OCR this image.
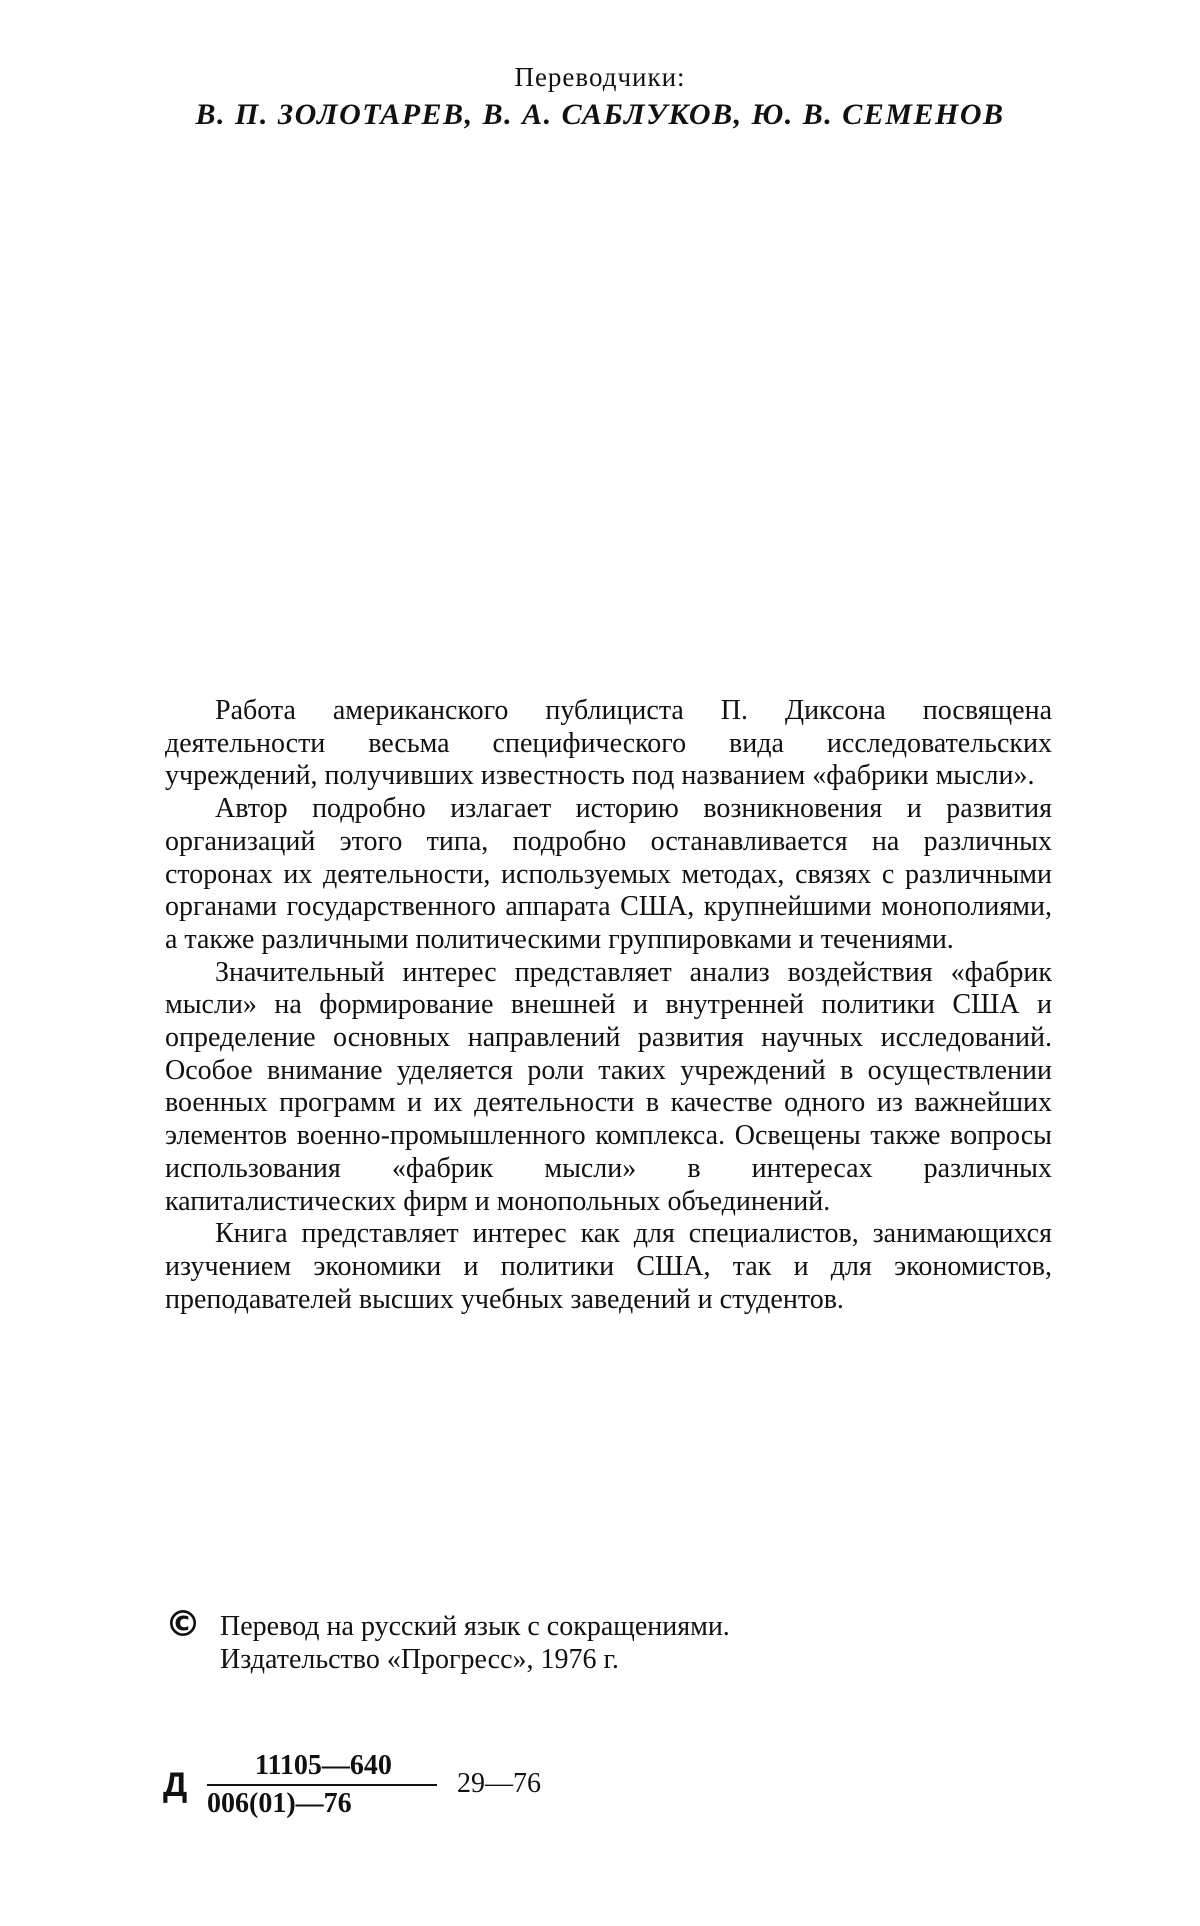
Переводчики:
В. П. ЗОЛОТАРЕВ, В. А. САБЛУКОВ, Ю. В. СЕМЕНОВ

Работа американского публициста П. Диксона посвящена деятельности весьма специфического вида исследовательских учреждений, получивших известность под названием «фабрики мысли».

Автор подробно излагает историю возникновения и развития организаций этого типа, подробно останавливается на различных сторонах их деятельности, используемых методах, связях с различными органами государственного аппарата США, крупнейшими монополиями, а также различными политическими группировками и течениями.

Значительный интерес представляет анализ воздействия «фабрик мысли» на формирование внешней и внутренней политики США и определение основных направлений развития научных исследований. Особое внимание уделяется роли таких учреждений в осуществлении военных программ и их деятельности в качестве одного из важнейших элементов военно-промышленного комплекса. Освещены также вопросы использования «фабрик мысли» в интересах различных капиталистических фирм и монопольных объединений.

Книга представляет интерес как для специалистов, занимающихся изучением экономики и политики США, так и для экономистов, преподавателей высших учебных заведений и студентов.

© Перевод на русский язык с сокращениями.
Издательство «Прогресс», 1976 г.
Д
11105—640
006(01)—76
29—76
